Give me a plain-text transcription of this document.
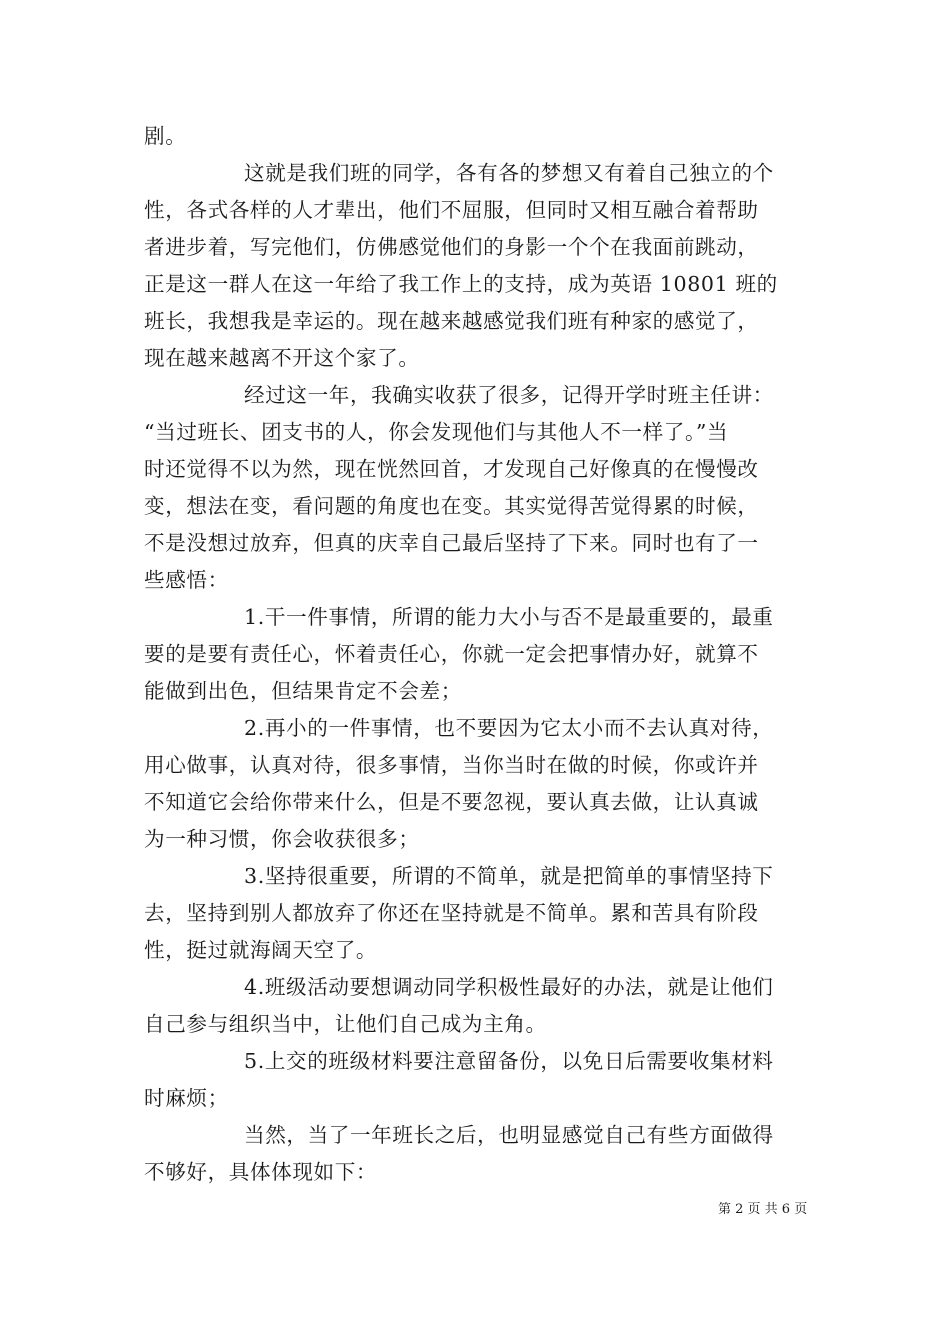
剧。
这就是我们班的同学，各有各的梦想又有着自己独立的个
性，各式各样的人才辈出，他们不屈服，但同时又相互融合着帮助
者进步着，写完他们，仿佛感觉他们的身影一个个在我面前跳动，
正是这一群人在这一年给了我工作上的支持，成为英语 10801 班的
班长，我想我是幸运的。现在越来越感觉我们班有种家的感觉了，
现在越来越离不开这个家了。
经过这一年，我确实收获了很多，记得开学时班主任讲：
“当过班长、团支书的人，你会发现他们与其他人不一样了。”当
时还觉得不以为然，现在恍然回首，才发现自己好像真的在慢慢改
变，想法在变，看问题的角度也在变。其实觉得苦觉得累的时候，
不是没想过放弃，但真的庆幸自己最后坚持了下来。同时也有了一
些感悟：
1.干一件事情，所谓的能力大小与否不是最重要的，最重
要的是要有责任心，怀着责任心，你就一定会把事情办好，就算不
能做到出色，但结果肯定不会差；
2.再小的一件事情，也不要因为它太小而不去认真对待，
用心做事，认真对待，很多事情，当你当时在做的时候，你或许并
不知道它会给你带来什么，但是不要忽视，要认真去做，让认真诚
为一种习惯，你会收获很多；
3.坚持很重要，所谓的不简单，就是把简单的事情坚持下
去，坚持到别人都放弃了你还在坚持就是不简单。累和苦具有阶段
性，挺过就海阔天空了。
4.班级活动要想调动同学积极性最好的办法，就是让他们
自己参与组织当中，让他们自己成为主角。
5.上交的班级材料要注意留备份，以免日后需要收集材料
时麻烦；
当然，当了一年班长之后，也明显感觉自己有些方面做得
不够好，具体体现如下：
第 2 页 共 6 页
